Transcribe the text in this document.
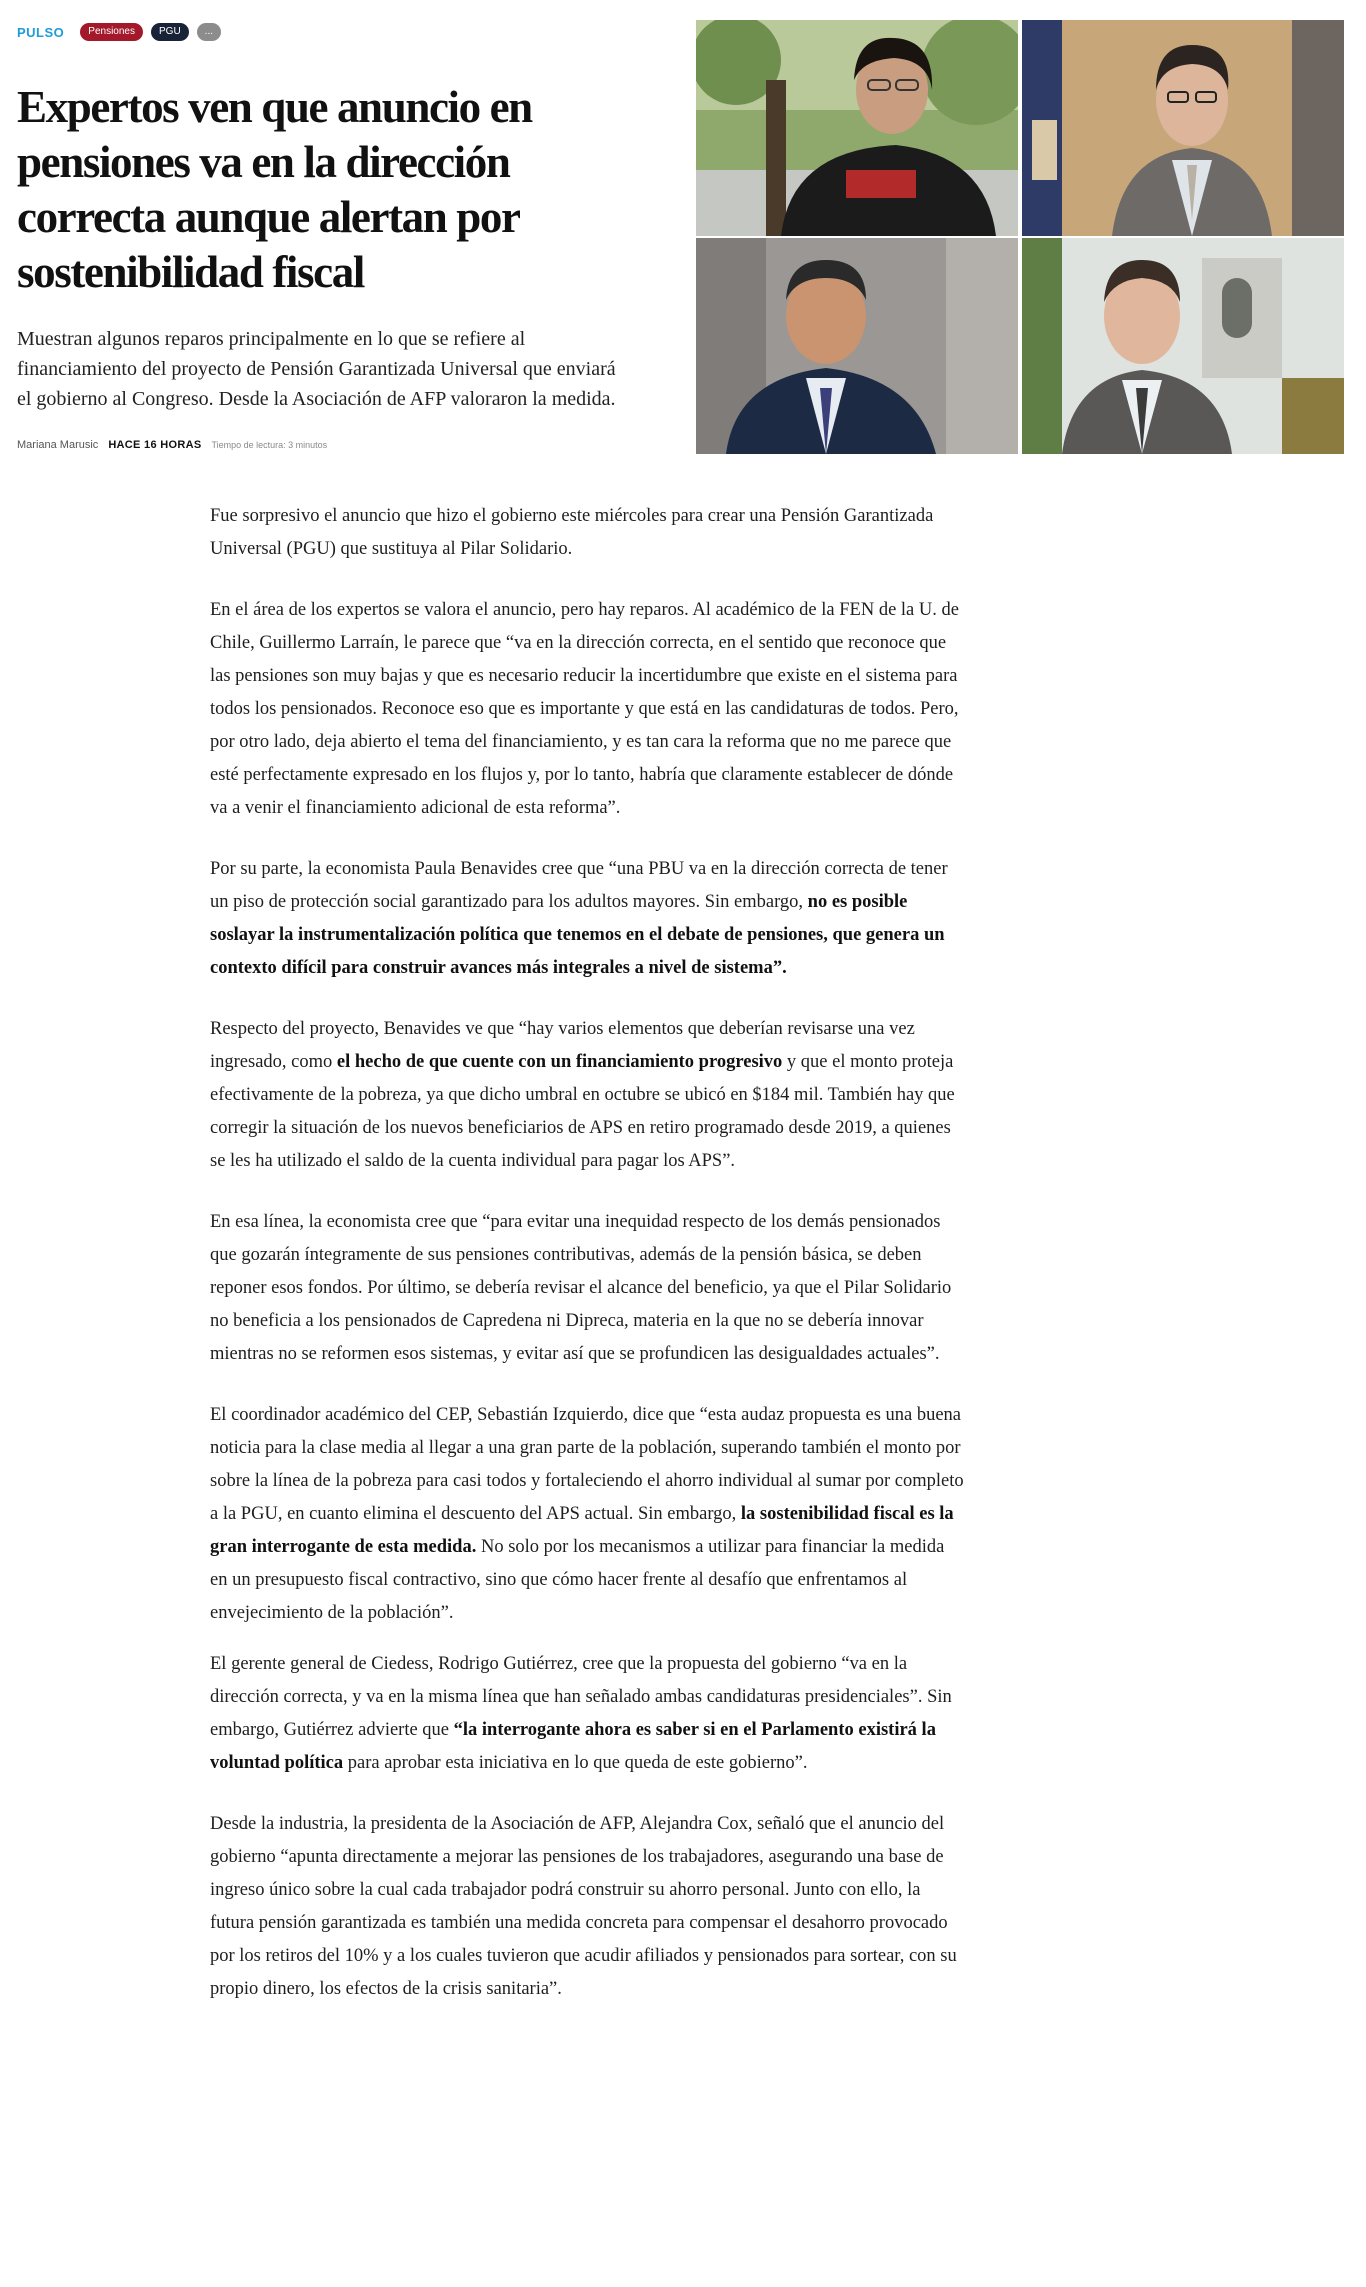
PULSO	Pensiones	PGU	...
Expertos ven que anuncio en pensiones va en la dirección correcta aunque alertan por sostenibilidad fiscal

Muestran algunos reparos principalmente en lo que se refiere al financiamiento del proyecto de Pensión Garantizada Universal que enviará el gobierno al Congreso. Desde la Asociación de AFP valoraron la medida.

Mariana Marusic HACE 16 HORAS Tiempo de lectura: 3 minutos

Fue sorpresivo el anuncio que hizo el gobierno este miércoles para crear una Pensión Garantizada Universal (PGU) que sustituya al Pilar Solidario.

En el área de los expertos se valora el anuncio, pero hay reparos. Al académico de la FEN de la U. de Chile, Guillermo Larraín, le parece que “va en la dirección correcta, en el sentido que reconoce que las pensiones son muy bajas y que es necesario reducir la incertidumbre que existe en el sistema para todos los pensionados. Reconoce eso que es importante y que está en las candidaturas de todos. Pero, por otro lado, deja abierto el tema del financiamiento, y es tan cara la reforma que no me parece que esté perfectamente expresado en los flujos y, por lo tanto, habría que claramente establecer de dónde va a venir el financiamiento adicional de esta reforma”.

Por su parte, la economista Paula Benavides cree que “una PBU va en la dirección correcta de tener un piso de protección social garantizado para los adultos mayores. Sin embargo, no es posible soslayar la instrumentalización política que tenemos en el debate de pensiones, que genera un contexto difícil para construir avances más integrales a nivel de sistema”.

Respecto del proyecto, Benavides ve que “hay varios elementos que deberían revisarse una vez ingresado, como el hecho de que cuente con un financiamiento progresivo y que el monto proteja efectivamente de la pobreza, ya que dicho umbral en octubre se ubicó en $184 mil. También hay que corregir la situación de los nuevos beneficiarios de APS en retiro programado desde 2019, a quienes se les ha utilizado el saldo de la cuenta individual para pagar los APS”.

En esa línea, la economista cree que “para evitar una inequidad respecto de los demás pensionados que gozarán íntegramente de sus pensiones contributivas, además de la pensión básica, se deben reponer esos fondos. Por último, se debería revisar el alcance del beneficio, ya que el Pilar Solidario no beneficia a los pensionados de Capredena ni Dipreca, materia en la que no se debería innovar mientras no se reformen esos sistemas, y evitar así que se profundicen las desigualdades actuales”.

El coordinador académico del CEP, Sebastián Izquierdo, dice que “esta audaz propuesta es una buena noticia para la clase media al llegar a una gran parte de la población, superando también el monto por sobre la línea de la pobreza para casi todos y fortaleciendo el ahorro individual al sumar por completo a la PGU, en cuanto elimina el descuento del APS actual. Sin embargo, la sostenibilidad fiscal es la gran interrogante de esta medida. No solo por los mecanismos a utilizar para financiar la medida en un presupuesto fiscal contractivo, sino que cómo hacer frente al desafío que enfrentamos al envejecimiento de la población”.

El gerente general de Ciedess, Rodrigo Gutiérrez, cree que la propuesta del gobierno “va en la dirección correcta, y va en la misma línea que han señalado ambas candidaturas presidenciales”. Sin embargo, Gutiérrez advierte que “la interrogante ahora es saber si en el Parlamento existirá la voluntad política para aprobar esta iniciativa en lo que queda de este gobierno”.

Desde la industria, la presidenta de la Asociación de AFP, Alejandra Cox, señaló que el anuncio del gobierno “apunta directamente a mejorar las pensiones de los trabajadores, asegurando una base de ingreso único sobre la cual cada trabajador podrá construir su ahorro personal. Junto con ello, la futura pensión garantizada es también una medida concreta para compensar el desahorro provocado por los retiros del 10% y a los cuales tuvieron que acudir afiliados y pensionados para sortear, con su propio dinero, los efectos de la crisis sanitaria”.
